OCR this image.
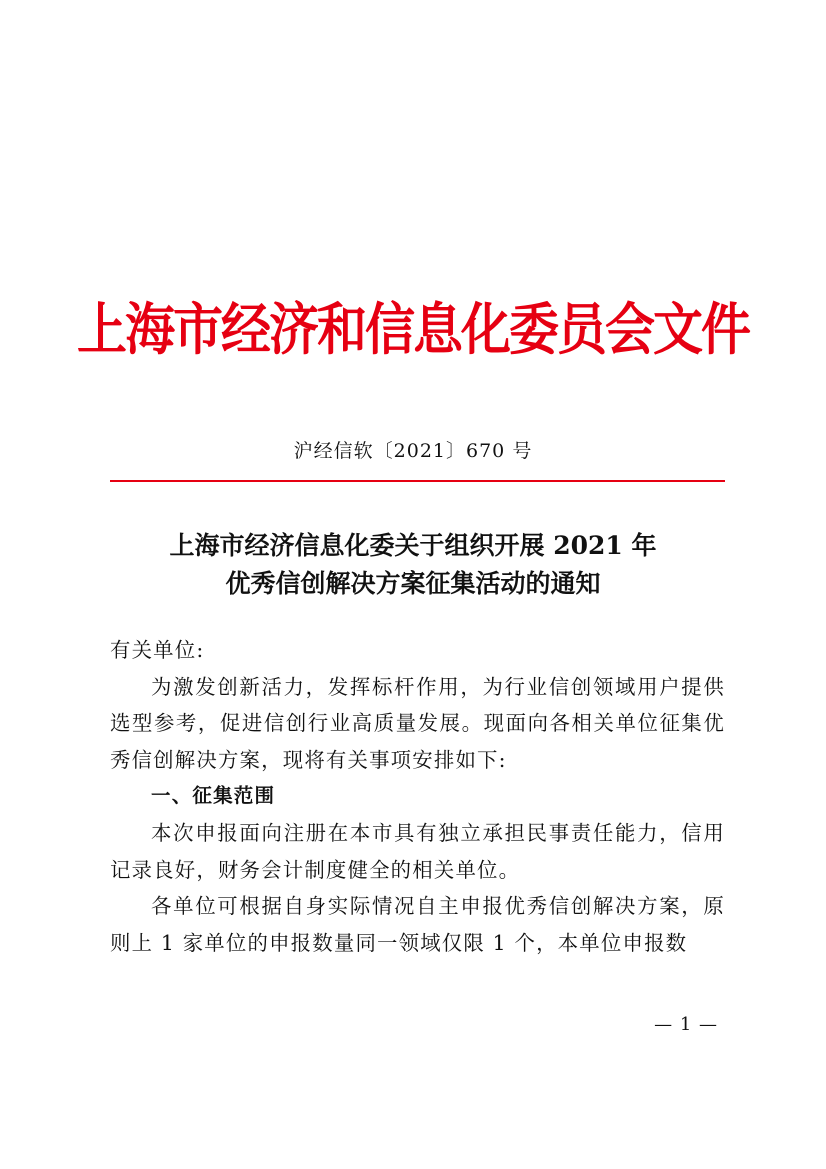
上海市经济和信息化委员会文件
沪经信软〔2021〕670 号
上海市经济信息化委关于组织开展 2021 年
优秀信创解决方案征集活动的通知

有关单位:

为激发创新活力，发挥标杆作用，为行业信创领域用户提供选型参考，促进信创行业高质量发展。现面向各相关单位征集优秀信创解决方案，现将有关事项安排如下:

一、征集范围

本次申报面向注册在本市具有独立承担民事责任能力，信用记录良好，财务会计制度健全的相关单位。

各单位可根据自身实际情况自主申报优秀信创解决方案，原则上 1 家单位的申报数量同一领域仅限 1 个，本单位申报数

— 1 —
